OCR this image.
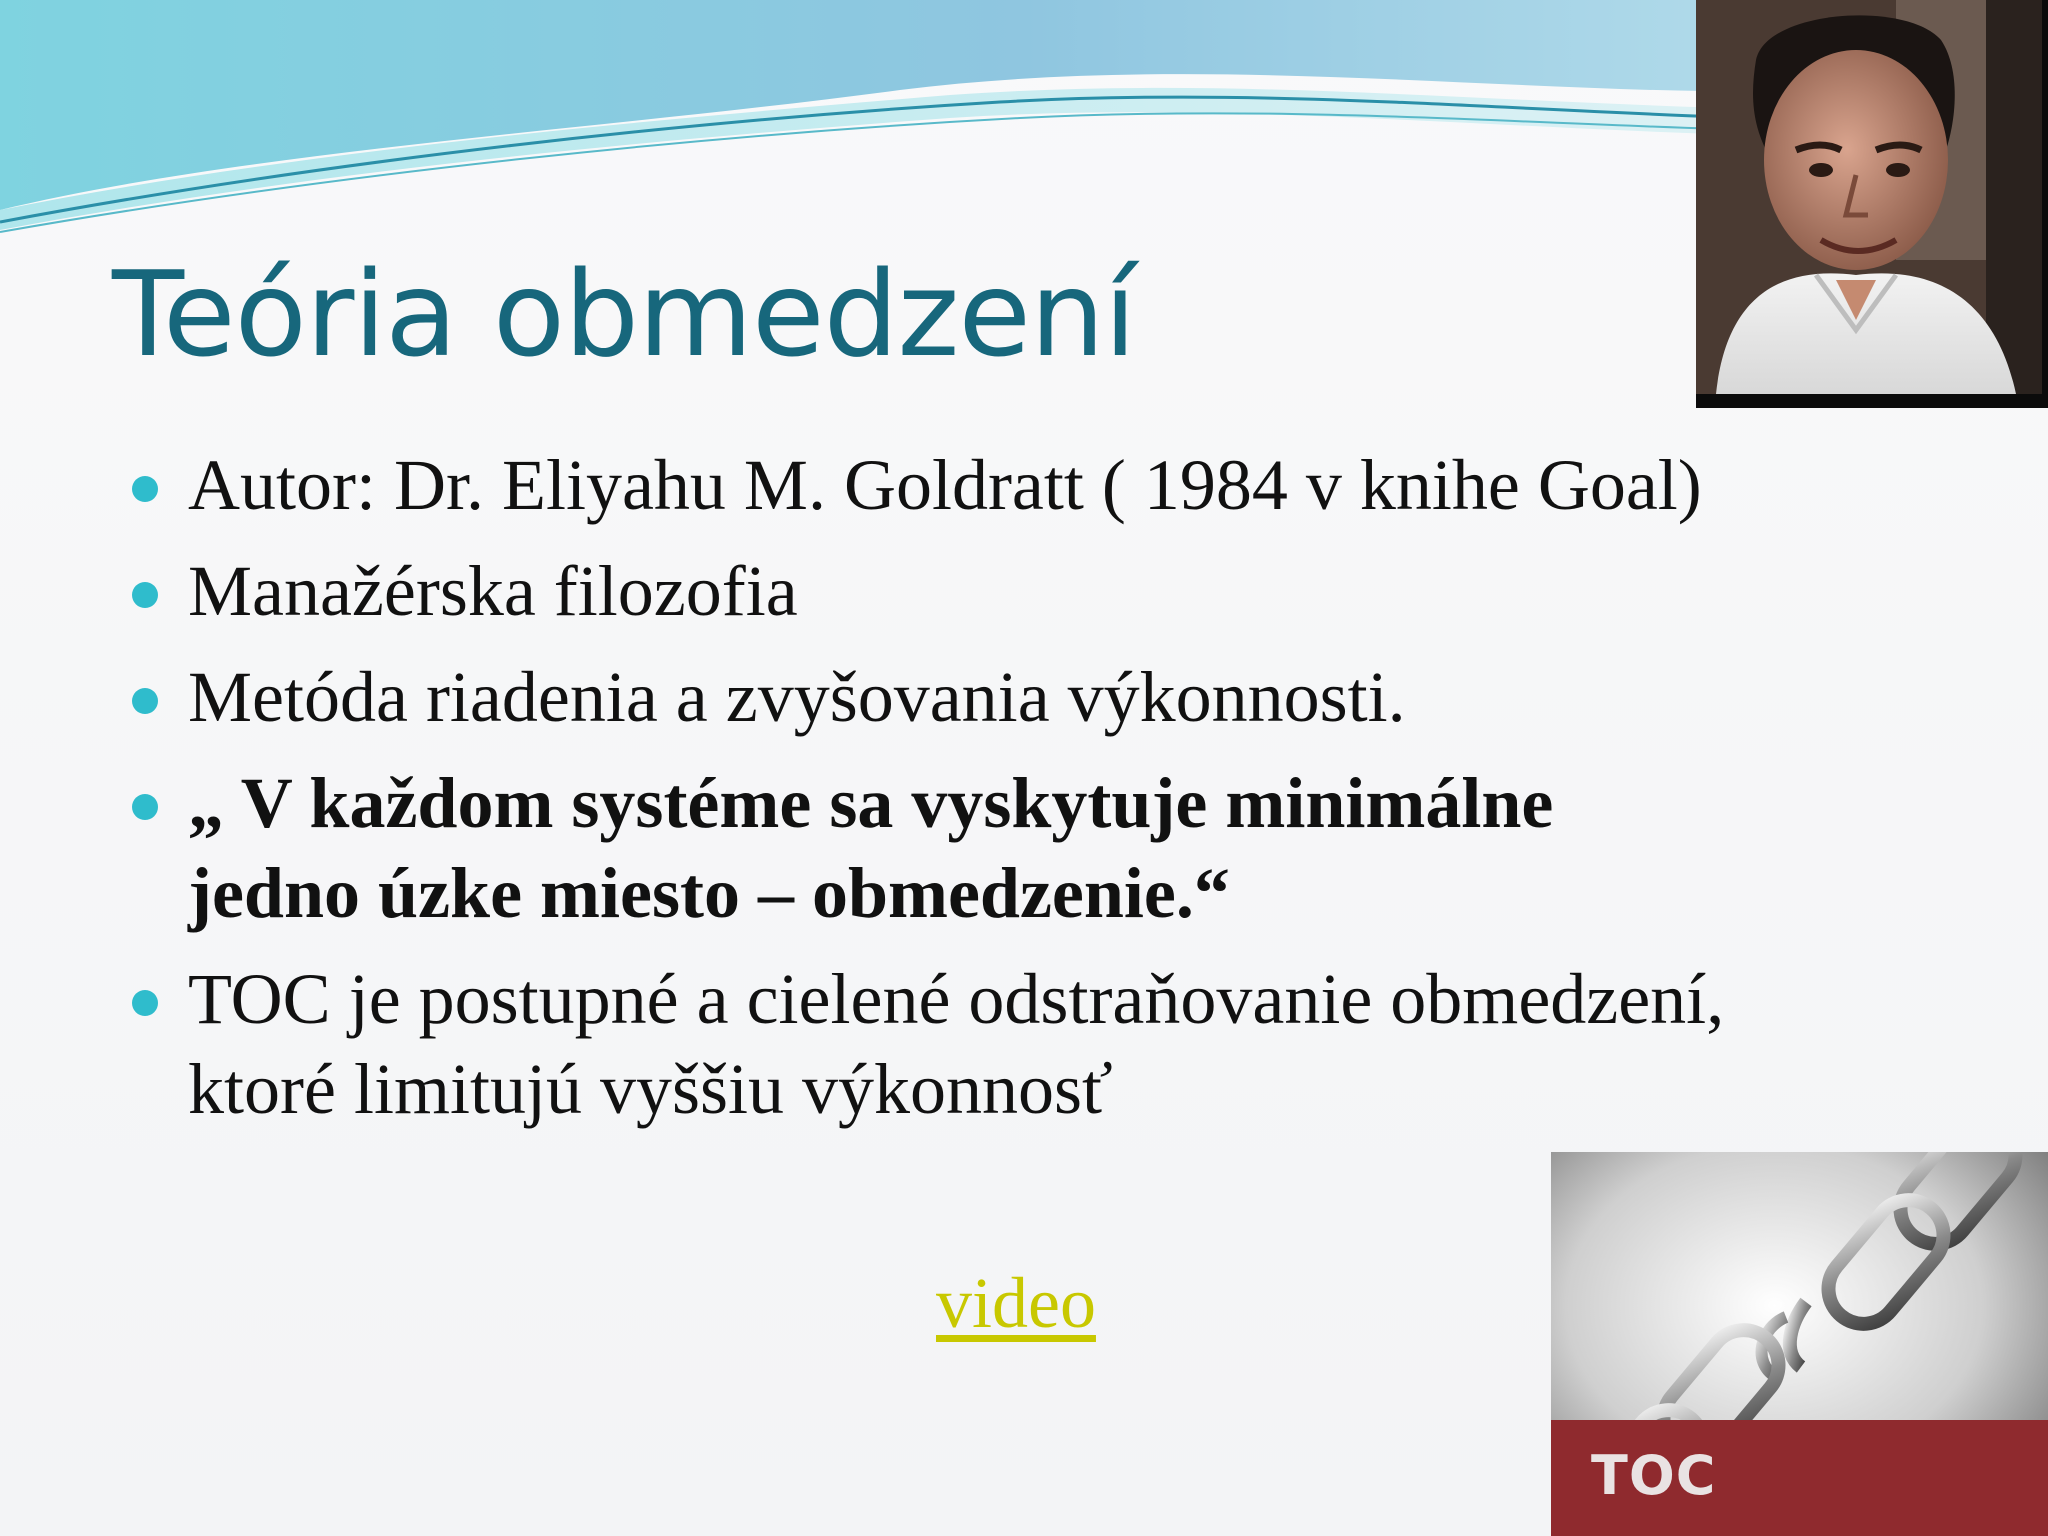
Teória obmedzení
Autor: Dr. Eliyahu M. Goldratt ( 1984 v knihe Goal)
Manažérska filozofia
Metóda riadenia a zvyšovania výkonnosti.
„ V každom systéme sa vyskytuje minimálne
jedno úzke miesto – obmedzenie.“
TOC je postupné a cielené odstraňovanie obmedzení,
ktoré limitujú vyššiu výkonnosť
video
TOC
